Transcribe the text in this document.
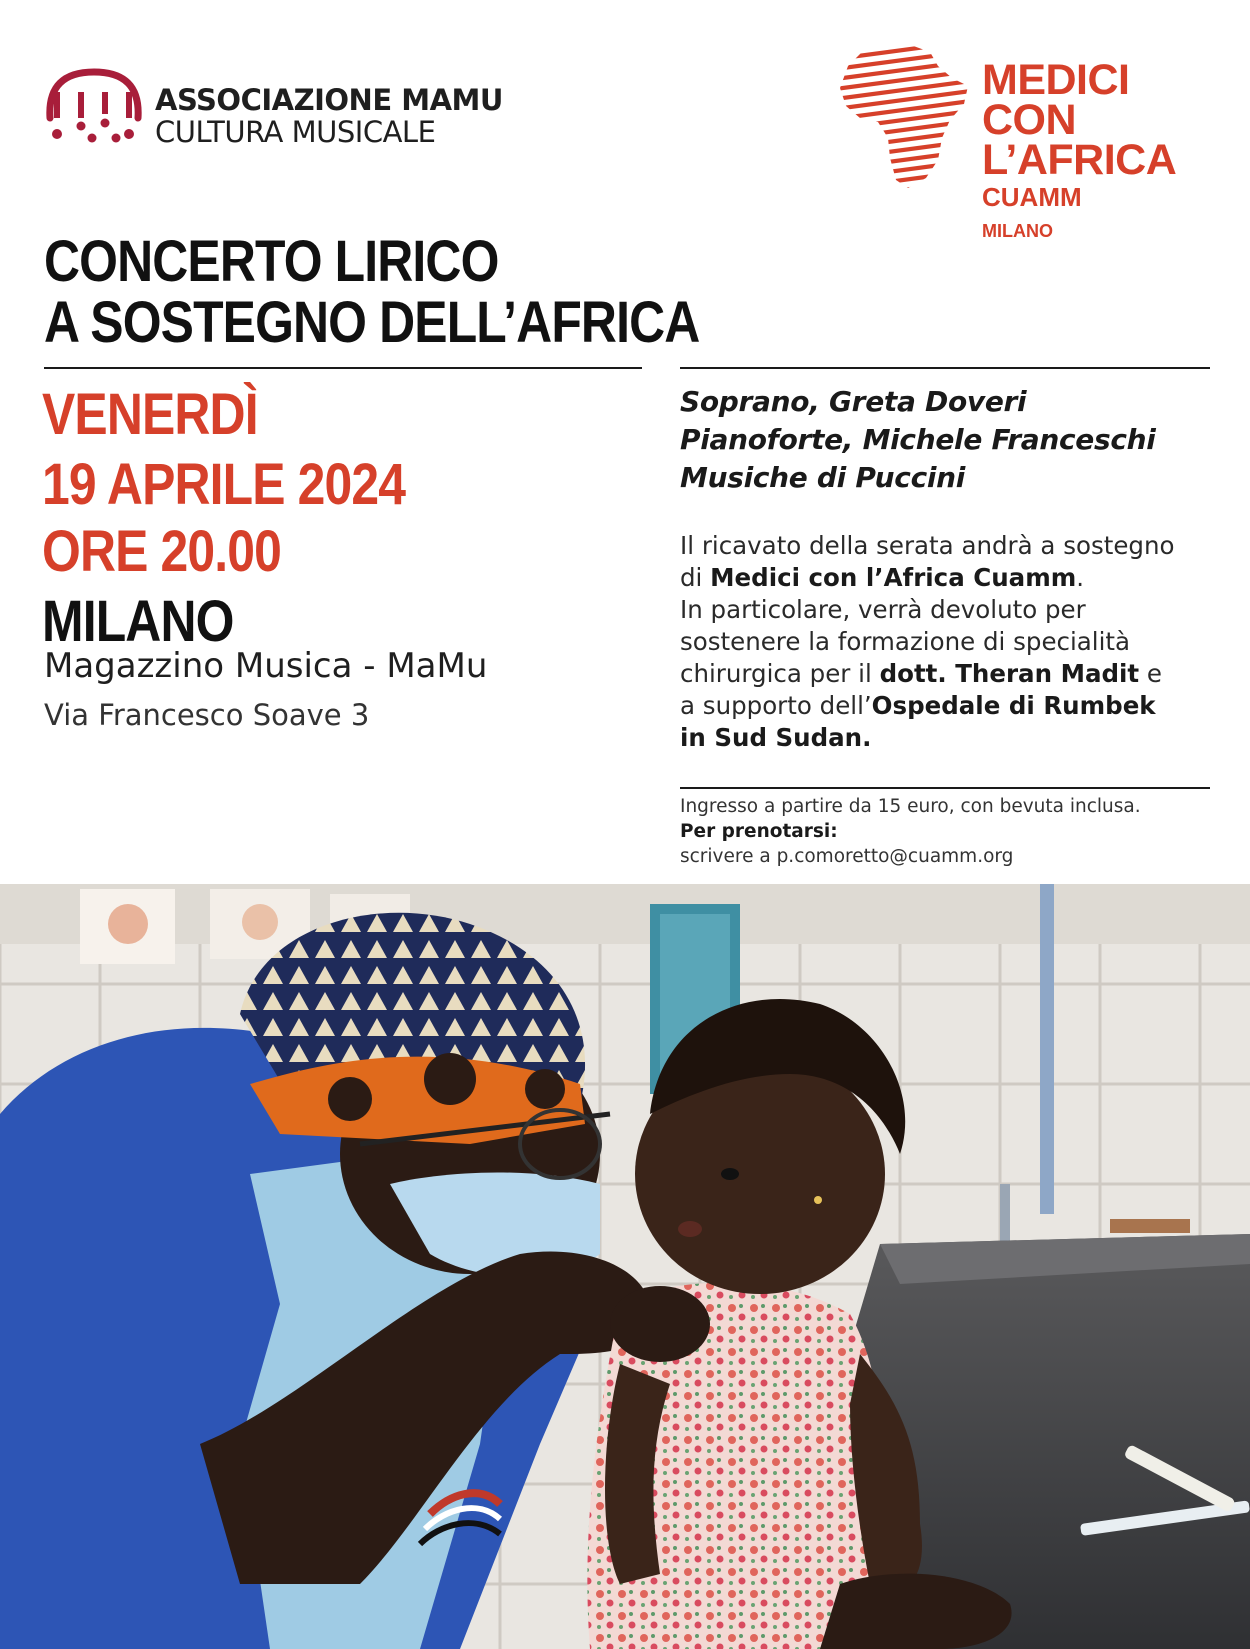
ASSOCIAZIONE MAMU
CULTURA MUSICALE
MEDICI
CON L’AFRICA
CUAMM
MILANO
CONCERTO LIRICO
A SOSTEGNO DELL’AFRICA
VENERDÌ
19 APRILE 2024
ORE 20.00
MILANO
Magazzino Musica - MaMu
Via Francesco Soave 3
Soprano, Greta Doveri
Pianoforte, Michele Franceschi
Musiche di Puccini
Il ricavato della serata andrà a sostegno
di Medici con l’Africa Cuamm.
In particolare, verrà devoluto per
sostenere la formazione di specialità
chirurgica per il dott. Theran Madit e
a supporto dell’Ospedale di Rumbek
in Sud Sudan.
Ingresso a partire da 15 euro, con bevuta inclusa.
Per prenotarsi:
scrivere a p.comoretto@cuamm.org
